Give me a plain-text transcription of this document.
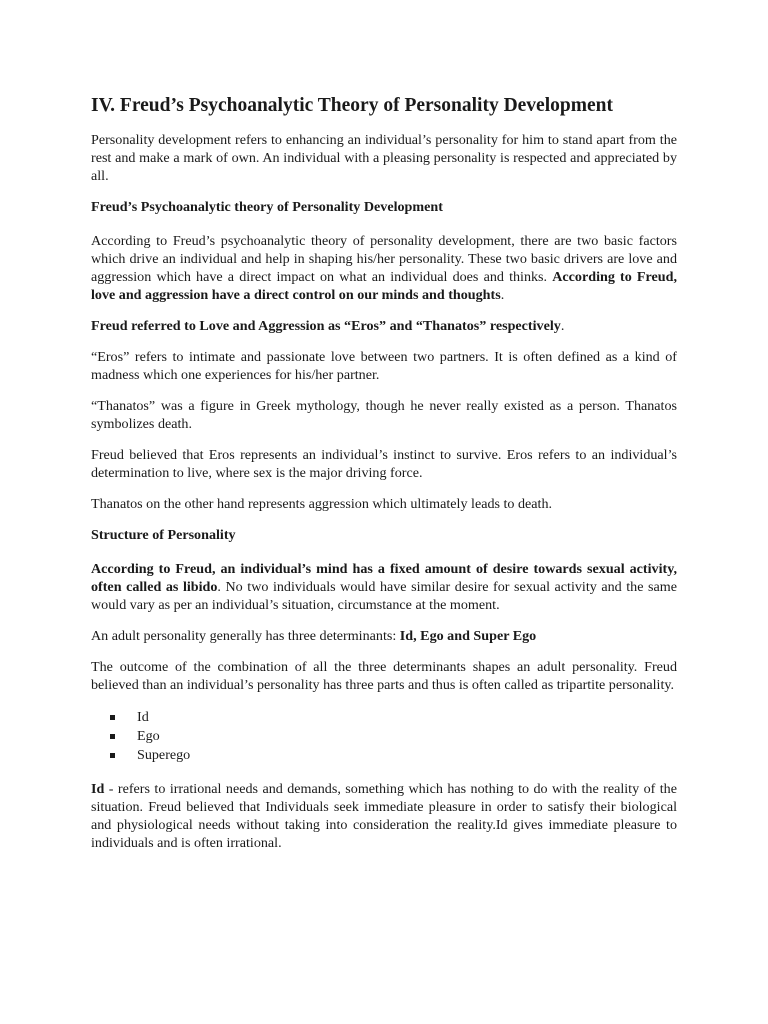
IV. Freud’s Psychoanalytic Theory of Personality Development

Personality development refers to enhancing an individual’s personality for him to stand apart from the rest and make a mark of own. An individual with a pleasing personality is respected and appreciated by all.

Freud’s Psychoanalytic theory of Personality Development

According to Freud’s psychoanalytic theory of personality development, there are two basic factors which drive an individual and help in shaping his/her personality. These two basic drivers are love and aggression which have a direct impact on what an individual does and thinks. According to Freud, love and aggression have a direct control on our minds and thoughts.

Freud referred to Love and Aggression as “Eros” and “Thanatos” respectively.

“Eros” refers to intimate and passionate love between two partners. It is often defined as a kind of madness which one experiences for his/her partner.

“Thanatos” was a figure in Greek mythology, though he never really existed as a person. Thanatos symbolizes death.

Freud believed that Eros represents an individual’s instinct to survive. Eros refers to an individual’s determination to live, where sex is the major driving force.

Thanatos on the other hand represents aggression which ultimately leads to death.

Structure of Personality

According to Freud, an individual’s mind has a fixed amount of desire towards sexual activity, often called as libido. No two individuals would have similar desire for sexual activity and the same would vary as per an individual’s situation, circumstance at the moment.

An adult personality generally has three determinants: Id, Ego and Super Ego

The outcome of the combination of all the three determinants shapes an adult personality. Freud believed than an individual’s personality has three parts and thus is often called as tripartite personality.

Id
Ego
Superego

Id - refers to irrational needs and demands, something which has nothing to do with the reality of the situation. Freud believed that Individuals seek immediate pleasure in order to satisfy their biological and physiological needs without taking into consideration the reality.Id gives immediate pleasure to individuals and is often irrational.
